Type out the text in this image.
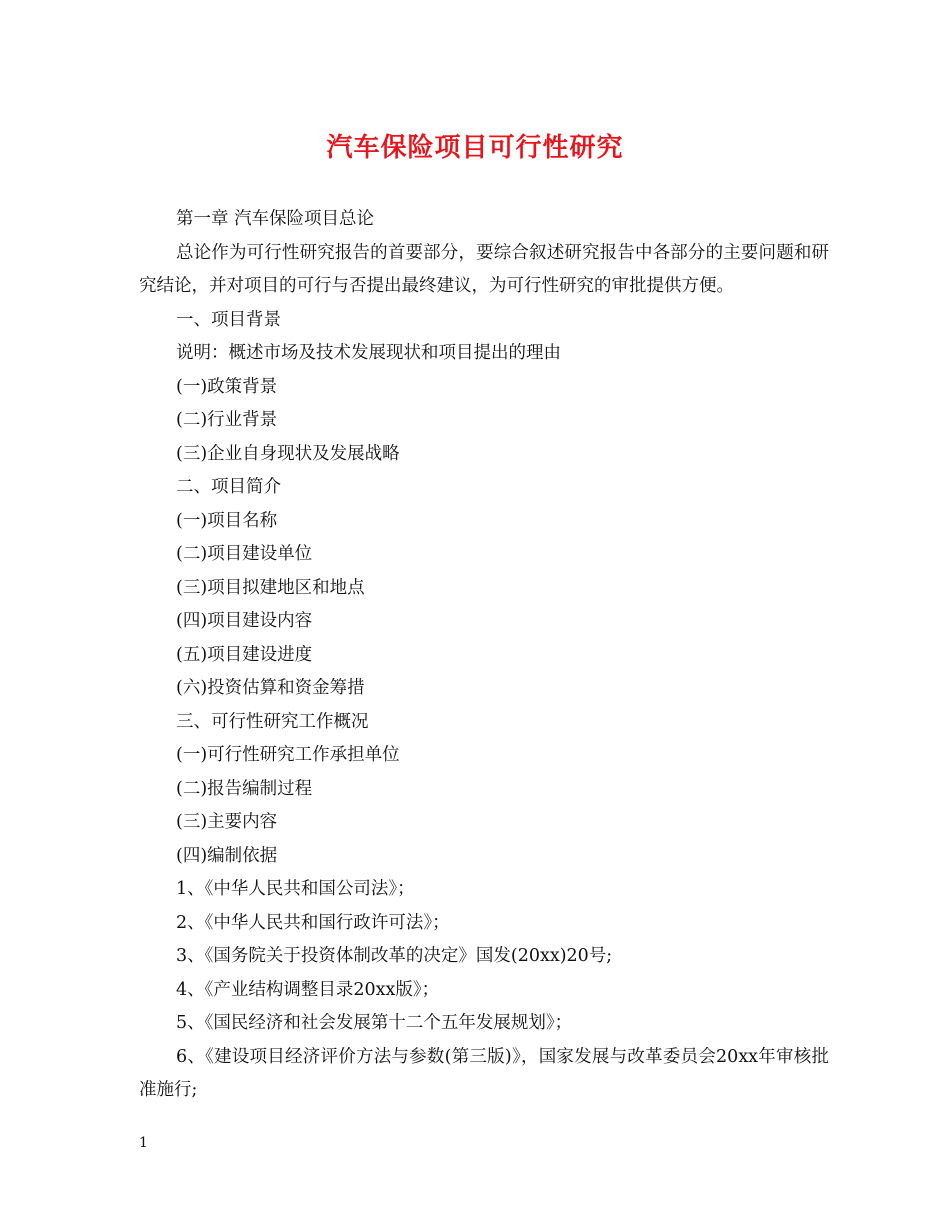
汽车保险项目可行性研究

第一章 汽车保险项目总论

总论作为可行性研究报告的首要部分，要综合叙述研究报告中各部分的主要问题和研究结论，并对项目的可行与否提出最终建议，为可行性研究的审批提供方便。

一、项目背景

说明：概述市场及技术发展现状和项目提出的理由

(一)政策背景

(二)行业背景

(三)企业自身现状及发展战略

二、项目简介

(一)项目名称

(二)项目建设单位

(三)项目拟建地区和地点

(四)项目建设内容

(五)项目建设进度

(六)投资估算和资金筹措

三、可行性研究工作概况

(一)可行性研究工作承担单位

(二)报告编制过程

(三)主要内容

(四)编制依据

1、《中华人民共和国公司法》；

2、《中华人民共和国行政许可法》；

3、《国务院关于投资体制改革的决定》国发(20xx)20号;

4、《产业结构调整目录20xx版》；

5、《国民经济和社会发展第十二个五年发展规划》；

6、《建设项目经济评价方法与参数(第三版)》，国家发展与改革委员会20xx年审核批准施行;

1
